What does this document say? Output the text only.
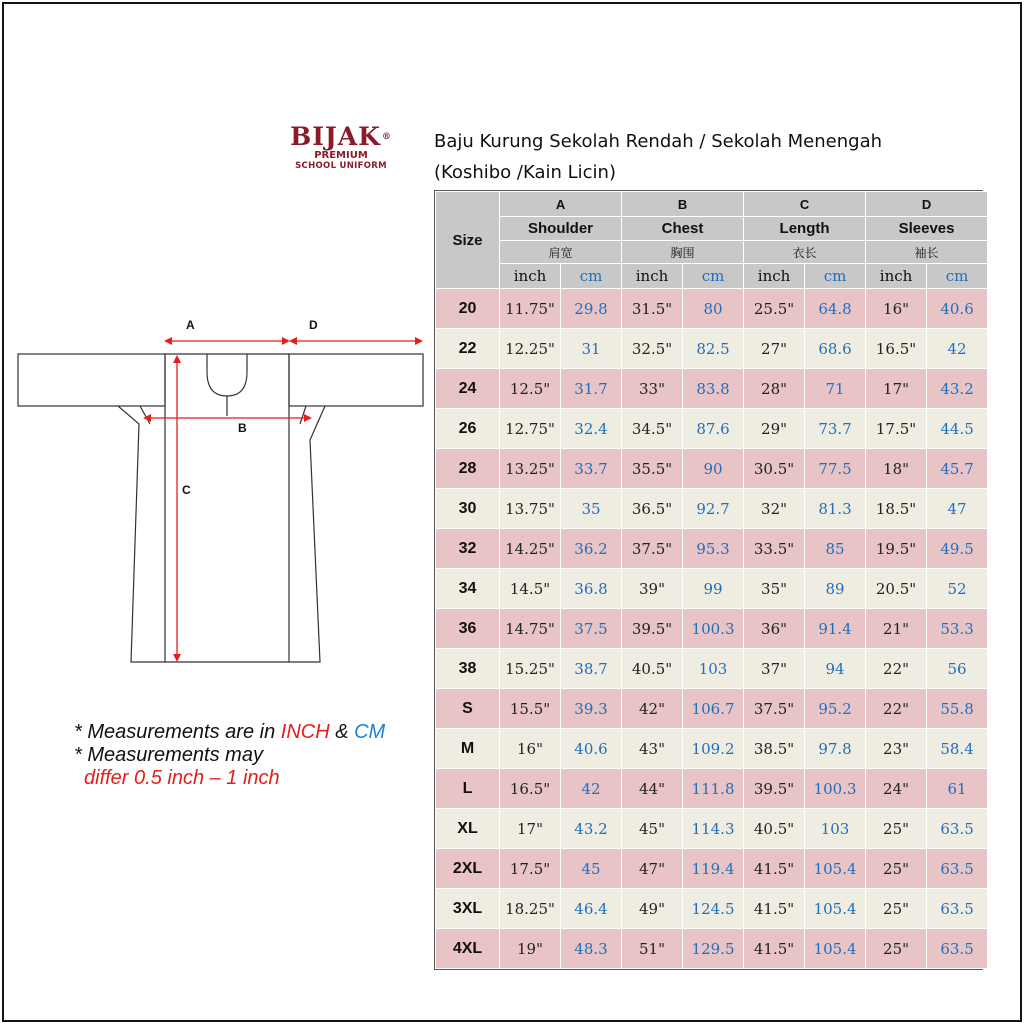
BIJAK®
PREMIUM
SCHOOL UNIFORM
Baju Kurung Sekolah Rendah / Sekolah Menengah
(Koshibo /Kain Licin)
A	D
B
C
* Measurements are in INCH & CM
* Measurements may
differ 0.5 inch – 1 inch
Size	A		B		C		D	
	Shoulder		Chest		Length		Sleeves	
	肩宽		胸围		衣长		袖长	
	inch	cm	inch	cm	inch	cm	inch	cm
20	11.75"	29.8	31.5"	80	25.5"	64.8	16"	40.6
22	12.25"	31	32.5"	82.5	27"	68.6	16.5"	42
24	12.5"	31.7	33"	83.8	28"	71	17"	43.2
26	12.75"	32.4	34.5"	87.6	29"	73.7	17.5"	44.5
28	13.25"	33.7	35.5"	90	30.5"	77.5	18"	45.7
30	13.75"	35	36.5"	92.7	32"	81.3	18.5"	47
32	14.25"	36.2	37.5"	95.3	33.5"	85	19.5"	49.5
34	14.5"	36.8	39"	99	35"	89	20.5"	52
36	14.75"	37.5	39.5"	100.3	36"	91.4	21"	53.3
38	15.25"	38.7	40.5"	103	37"	94	22"	56
S	15.5"	39.3	42"	106.7	37.5"	95.2	22"	55.8
M	16"	40.6	43"	109.2	38.5"	97.8	23"	58.4
L	16.5"	42	44"	111.8	39.5"	100.3	24"	61
XL	17"	43.2	45"	114.3	40.5"	103	25"	63.5
2XL	17.5"	45	47"	119.4	41.5"	105.4	25"	63.5
3XL	18.25"	46.4	49"	124.5	41.5"	105.4	25"	63.5
4XL	19"	48.3	51"	129.5	41.5"	105.4	25"	63.5
